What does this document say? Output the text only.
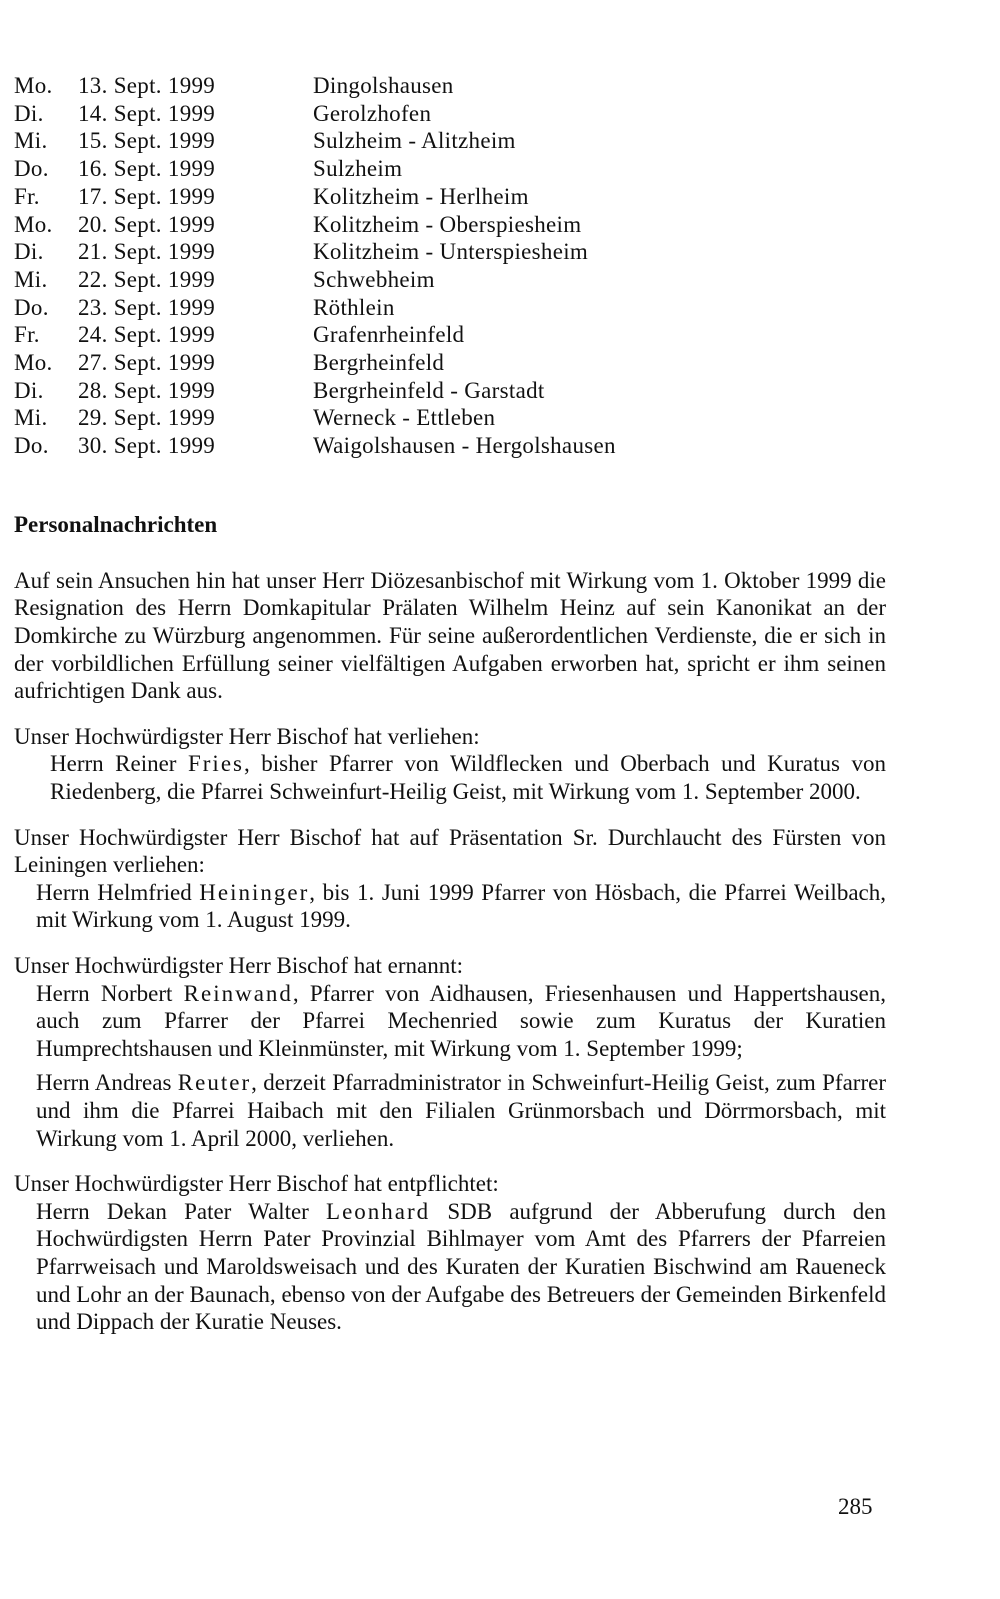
Mo.	13. Sept. 1999	Dingolshausen
Di.	14. Sept. 1999	Gerolzhofen
Mi.	15. Sept. 1999	Sulzheim - Alitzheim
Do.	16. Sept. 1999	Sulzheim
Fr.	17. Sept. 1999	Kolitzheim - Herlheim
Mo.	20. Sept. 1999	Kolitzheim - Oberspiesheim
Di.	21. Sept. 1999	Kolitzheim - Unterspiesheim
Mi.	22. Sept. 1999	Schwebheim
Do.	23. Sept. 1999	Röthlein
Fr.	24. Sept. 1999	Grafenrheinfeld
Mo.	27. Sept. 1999	Bergrheinfeld
Di.	28. Sept. 1999	Bergrheinfeld - Garstadt
Mi.	29. Sept. 1999	Werneck - Ettleben
Do.	30. Sept. 1999	Waigolshausen - Hergolshausen
Personalnachrichten

Auf sein Ansuchen hin hat unser Herr Diözesanbischof mit Wirkung vom 1. Oktober 1999 die Resignation des Herrn Domkapitular Prälaten Wilhelm Heinz auf sein Kanonikat an der Domkirche zu Würzburg angenommen. Für seine außerordentlichen Verdienste, die er sich in der vorbildlichen Erfüllung seiner vielfältigen Aufgaben erworben hat, spricht er ihm seinen aufrichtigen Dank aus.

Unser Hochwürdigster Herr Bischof hat verliehen:

Herrn Reiner Fries, bisher Pfarrer von Wildflecken und Oberbach und Kuratus von Riedenberg, die Pfarrei Schweinfurt-Heilig Geist, mit Wirkung vom 1. September 2000.

Unser Hochwürdigster Herr Bischof hat auf Präsentation Sr. Durchlaucht des Fürsten von Leiningen verliehen:

Herrn Helmfried Heininger, bis 1. Juni 1999 Pfarrer von Hösbach, die Pfarrei Weilbach, mit Wirkung vom 1. August 1999.

Unser Hochwürdigster Herr Bischof hat ernannt:

Herrn Norbert Reinwand, Pfarrer von Aidhausen, Friesenhausen und Happertshausen, auch zum Pfarrer der Pfarrei Mechenried sowie zum Kuratus der Kuratien Humprechtshausen und Kleinmünster, mit Wirkung vom 1. September 1999;

Herrn Andreas Reuter, derzeit Pfarradministrator in Schweinfurt-Heilig Geist, zum Pfarrer und ihm die Pfarrei Haibach mit den Filialen Grünmorsbach und Dörrmorsbach, mit Wirkung vom 1. April 2000, verliehen.

Unser Hochwürdigster Herr Bischof hat entpflichtet:

Herrn Dekan Pater Walter Leonhard SDB aufgrund der Abberufung durch den Hochwürdigsten Herrn Pater Provinzial Bihlmayer vom Amt des Pfarrers der Pfarreien Pfarrweisach und Maroldsweisach und des Kuraten der Kuratien Bischwind am Raueneck und Lohr an der Baunach, ebenso von der Aufgabe des Betreuers der Gemeinden Birkenfeld und Dippach der Kuratie Neuses.

285
